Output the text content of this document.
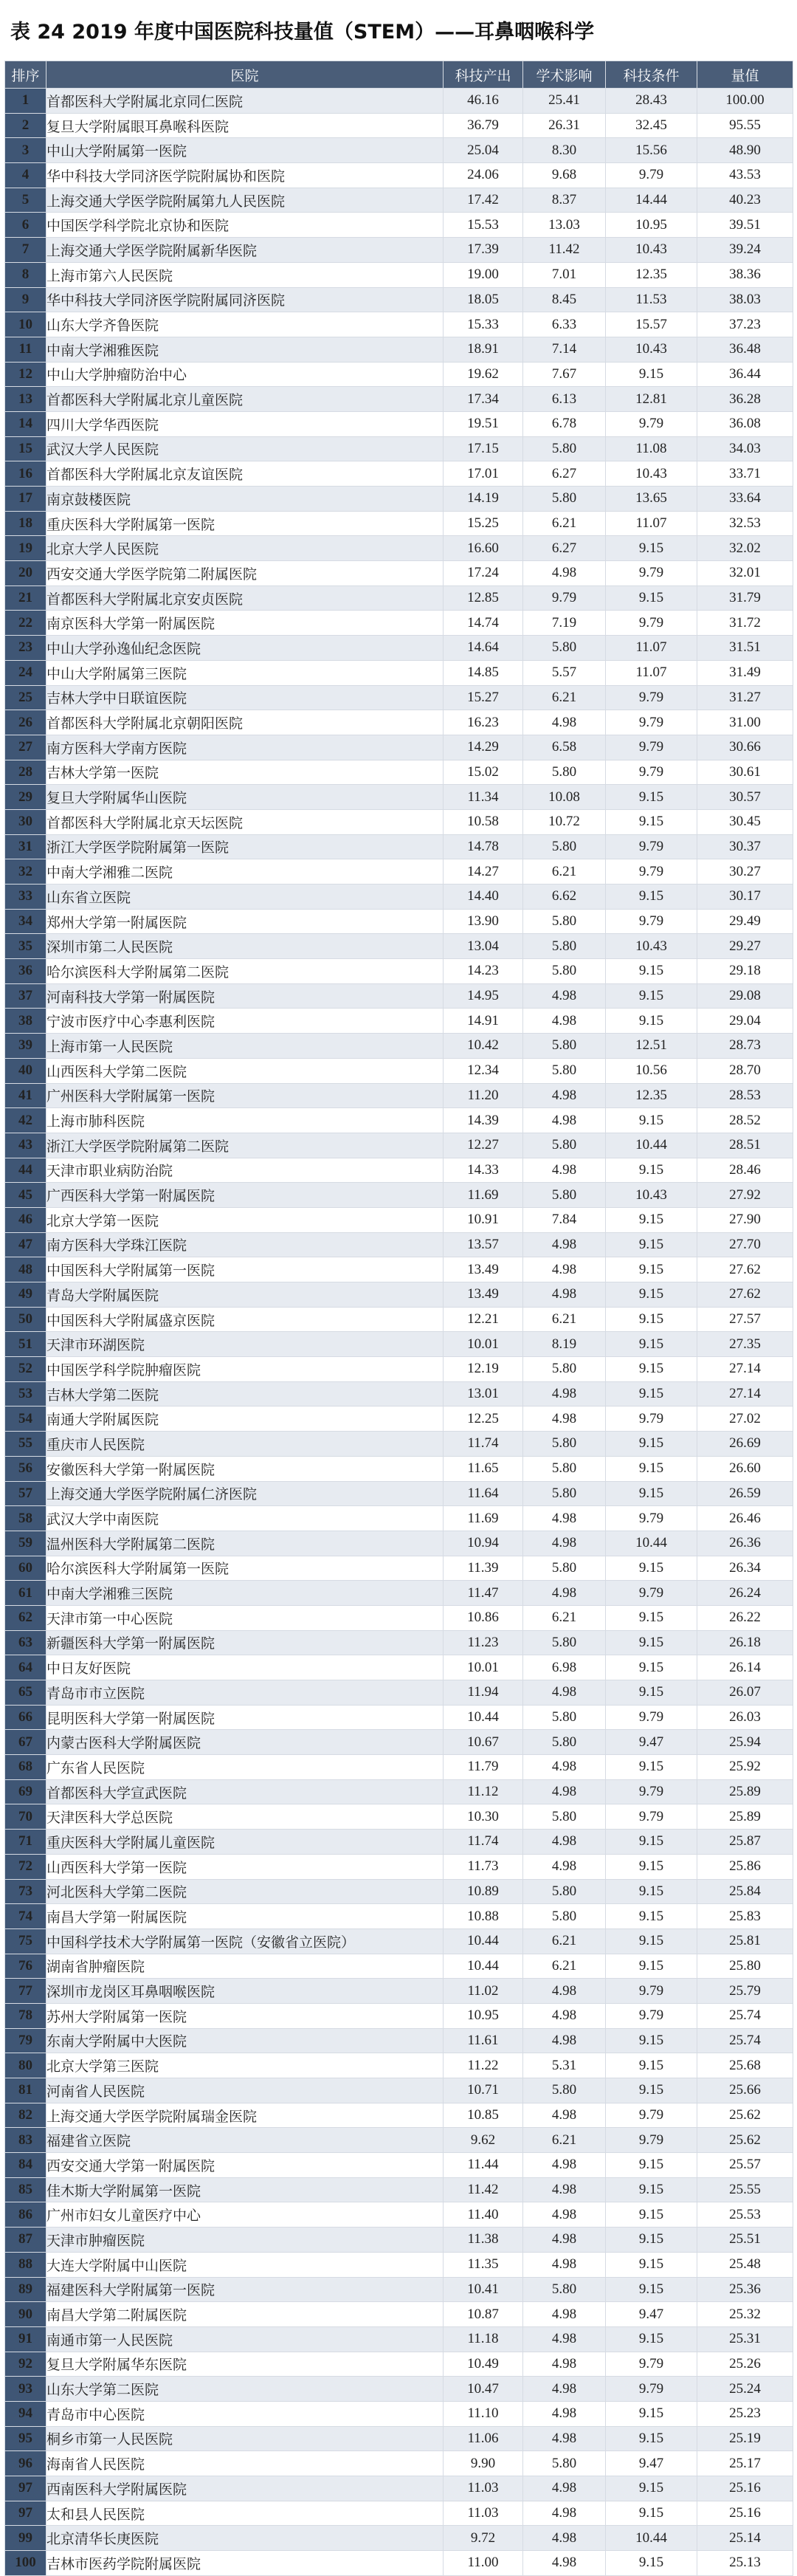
表 24 2019 年度中国医院科技量值（STEM）——耳鼻咽喉科学
排序	医院	科技产出	学术影响	科技条件	量值
1	首都医科大学附属北京同仁医院	46.16	25.41	28.43	100.00
2	复旦大学附属眼耳鼻喉科医院	36.79	26.31	32.45	95.55
3	中山大学附属第一医院	25.04	8.30	15.56	48.90
4	华中科技大学同济医学院附属协和医院	24.06	9.68	9.79	43.53
5	上海交通大学医学院附属第九人民医院	17.42	8.37	14.44	40.23
6	中国医学科学院北京协和医院	15.53	13.03	10.95	39.51
7	上海交通大学医学院附属新华医院	17.39	11.42	10.43	39.24
8	上海市第六人民医院	19.00	7.01	12.35	38.36
9	华中科技大学同济医学院附属同济医院	18.05	8.45	11.53	38.03
10	山东大学齐鲁医院	15.33	6.33	15.57	37.23
11	中南大学湘雅医院	18.91	7.14	10.43	36.48
12	中山大学肿瘤防治中心	19.62	7.67	9.15	36.44
13	首都医科大学附属北京儿童医院	17.34	6.13	12.81	36.28
14	四川大学华西医院	19.51	6.78	9.79	36.08
15	武汉大学人民医院	17.15	5.80	11.08	34.03
16	首都医科大学附属北京友谊医院	17.01	6.27	10.43	33.71
17	南京鼓楼医院	14.19	5.80	13.65	33.64
18	重庆医科大学附属第一医院	15.25	6.21	11.07	32.53
19	北京大学人民医院	16.60	6.27	9.15	32.02
20	西安交通大学医学院第二附属医院	17.24	4.98	9.79	32.01
21	首都医科大学附属北京安贞医院	12.85	9.79	9.15	31.79
22	南京医科大学第一附属医院	14.74	7.19	9.79	31.72
23	中山大学孙逸仙纪念医院	14.64	5.80	11.07	31.51
24	中山大学附属第三医院	14.85	5.57	11.07	31.49
25	吉林大学中日联谊医院	15.27	6.21	9.79	31.27
26	首都医科大学附属北京朝阳医院	16.23	4.98	9.79	31.00
27	南方医科大学南方医院	14.29	6.58	9.79	30.66
28	吉林大学第一医院	15.02	5.80	9.79	30.61
29	复旦大学附属华山医院	11.34	10.08	9.15	30.57
30	首都医科大学附属北京天坛医院	10.58	10.72	9.15	30.45
31	浙江大学医学院附属第一医院	14.78	5.80	9.79	30.37
32	中南大学湘雅二医院	14.27	6.21	9.79	30.27
33	山东省立医院	14.40	6.62	9.15	30.17
34	郑州大学第一附属医院	13.90	5.80	9.79	29.49
35	深圳市第二人民医院	13.04	5.80	10.43	29.27
36	哈尔滨医科大学附属第二医院	14.23	5.80	9.15	29.18
37	河南科技大学第一附属医院	14.95	4.98	9.15	29.08
38	宁波市医疗中心李惠利医院	14.91	4.98	9.15	29.04
39	上海市第一人民医院	10.42	5.80	12.51	28.73
40	山西医科大学第二医院	12.34	5.80	10.56	28.70
41	广州医科大学附属第一医院	11.20	4.98	12.35	28.53
42	上海市肺科医院	14.39	4.98	9.15	28.52
43	浙江大学医学院附属第二医院	12.27	5.80	10.44	28.51
44	天津市职业病防治院	14.33	4.98	9.15	28.46
45	广西医科大学第一附属医院	11.69	5.80	10.43	27.92
46	北京大学第一医院	10.91	7.84	9.15	27.90
47	南方医科大学珠江医院	13.57	4.98	9.15	27.70
48	中国医科大学附属第一医院	13.49	4.98	9.15	27.62
49	青岛大学附属医院	13.49	4.98	9.15	27.62
50	中国医科大学附属盛京医院	12.21	6.21	9.15	27.57
51	天津市环湖医院	10.01	8.19	9.15	27.35
52	中国医学科学院肿瘤医院	12.19	5.80	9.15	27.14
53	吉林大学第二医院	13.01	4.98	9.15	27.14
54	南通大学附属医院	12.25	4.98	9.79	27.02
55	重庆市人民医院	11.74	5.80	9.15	26.69
56	安徽医科大学第一附属医院	11.65	5.80	9.15	26.60
57	上海交通大学医学院附属仁济医院	11.64	5.80	9.15	26.59
58	武汉大学中南医院	11.69	4.98	9.79	26.46
59	温州医科大学附属第二医院	10.94	4.98	10.44	26.36
60	哈尔滨医科大学附属第一医院	11.39	5.80	9.15	26.34
61	中南大学湘雅三医院	11.47	4.98	9.79	26.24
62	天津市第一中心医院	10.86	6.21	9.15	26.22
63	新疆医科大学第一附属医院	11.23	5.80	9.15	26.18
64	中日友好医院	10.01	6.98	9.15	26.14
65	青岛市市立医院	11.94	4.98	9.15	26.07
66	昆明医科大学第一附属医院	10.44	5.80	9.79	26.03
67	内蒙古医科大学附属医院	10.67	5.80	9.47	25.94
68	广东省人民医院	11.79	4.98	9.15	25.92
69	首都医科大学宣武医院	11.12	4.98	9.79	25.89
70	天津医科大学总医院	10.30	5.80	9.79	25.89
71	重庆医科大学附属儿童医院	11.74	4.98	9.15	25.87
72	山西医科大学第一医院	11.73	4.98	9.15	25.86
73	河北医科大学第二医院	10.89	5.80	9.15	25.84
74	南昌大学第一附属医院	10.88	5.80	9.15	25.83
75	中国科学技术大学附属第一医院（安徽省立医院）	10.44	6.21	9.15	25.81
76	湖南省肿瘤医院	10.44	6.21	9.15	25.80
77	深圳市龙岗区耳鼻咽喉医院	11.02	4.98	9.79	25.79
78	苏州大学附属第一医院	10.95	4.98	9.79	25.74
79	东南大学附属中大医院	11.61	4.98	9.15	25.74
80	北京大学第三医院	11.22	5.31	9.15	25.68
81	河南省人民医院	10.71	5.80	9.15	25.66
82	上海交通大学医学院附属瑞金医院	10.85	4.98	9.79	25.62
83	福建省立医院	9.62	6.21	9.79	25.62
84	西安交通大学第一附属医院	11.44	4.98	9.15	25.57
85	佳木斯大学附属第一医院	11.42	4.98	9.15	25.55
86	广州市妇女儿童医疗中心	11.40	4.98	9.15	25.53
87	天津市肿瘤医院	11.38	4.98	9.15	25.51
88	大连大学附属中山医院	11.35	4.98	9.15	25.48
89	福建医科大学附属第一医院	10.41	5.80	9.15	25.36
90	南昌大学第二附属医院	10.87	4.98	9.47	25.32
91	南通市第一人民医院	11.18	4.98	9.15	25.31
92	复旦大学附属华东医院	10.49	4.98	9.79	25.26
93	山东大学第二医院	10.47	4.98	9.79	25.24
94	青岛市中心医院	11.10	4.98	9.15	25.23
95	桐乡市第一人民医院	11.06	4.98	9.15	25.19
96	海南省人民医院	9.90	5.80	9.47	25.17
97	西南医科大学附属医院	11.03	4.98	9.15	25.16
97	太和县人民医院	11.03	4.98	9.15	25.16
99	北京清华长庚医院	9.72	4.98	10.44	25.14
100	吉林市医药学院附属医院	11.00	4.98	9.15	25.13
